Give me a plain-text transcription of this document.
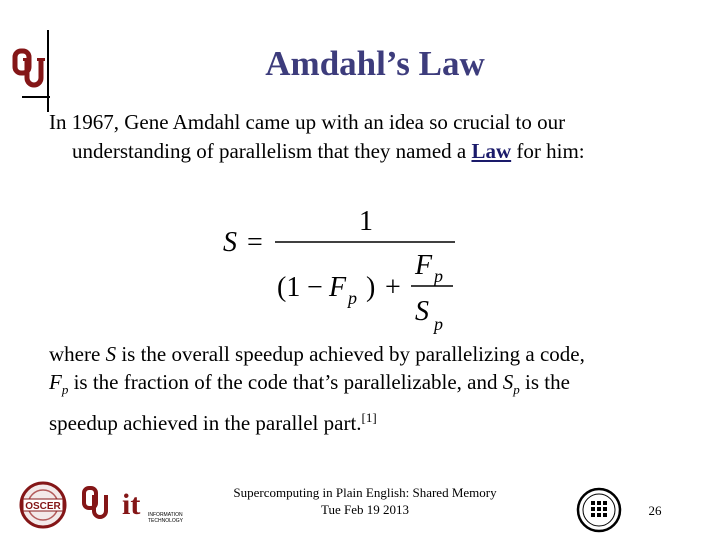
Amdahl’s Law
In 1967, Gene Amdahl came up with an idea so crucial to our
understanding of parallelism that they named a Law for him:
S =
1
(1 − F p ) +
F p
S p
where S is the overall speedup achieved by parallelizing a code,
$F_p$ is the fraction of the code that’s parallelizable, and $S_p$ is the
speedup achieved in the parallel part.[1]
OSCER it INFORMATION
TECHNOLOGY
Supercomputing in Plain English: Shared Memory
Tue Feb 19 2013	26
